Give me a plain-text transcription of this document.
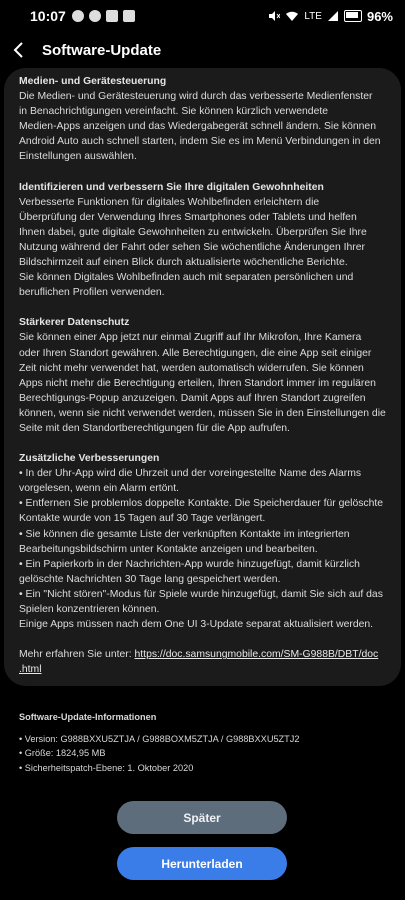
10:07	LTE	96%
Software-Update
Medien- und Gerätesteuerung
Die Medien- und Gerätesteuerung wird durch das verbesserte Medienfenster
in Benachrichtigungen vereinfacht. Sie können kürzlich verwendete
Medien-Apps anzeigen und das Wiedergabegerät schnell ändern. Sie können
Android Auto auch schnell starten, indem Sie es im Menü Verbindungen in den
Einstellungen auswählen.
Identifizieren und verbessern Sie Ihre digitalen Gewohnheiten
Verbesserte Funktionen für digitales Wohlbefinden erleichtern die
Überprüfung der Verwendung Ihres Smartphones oder Tablets und helfen
Ihnen dabei, gute digitale Gewohnheiten zu entwickeln. Überprüfen Sie Ihre
Nutzung während der Fahrt oder sehen Sie wöchentliche Änderungen Ihrer
Bildschirmzeit auf einen Blick durch aktualisierte wöchentliche Berichte.
Sie können Digitales Wohlbefinden auch mit separaten persönlichen und
beruflichen Profilen verwenden.
Stärkerer Datenschutz
Sie können einer App jetzt nur einmal Zugriff auf Ihr Mikrofon, Ihre Kamera
oder Ihren Standort gewähren. Alle Berechtigungen, die eine App seit einiger
Zeit nicht mehr verwendet hat, werden automatisch widerrufen. Sie können
Apps nicht mehr die Berechtigung erteilen, Ihren Standort immer im regulären
Berechtigungs-Popup anzuzeigen. Damit Apps auf Ihren Standort zugreifen
können, wenn sie nicht verwendet werden, müssen Sie in den Einstellungen die
Seite mit den Standortberechtigungen für die App aufrufen.
Zusätzliche Verbesserungen
• In der Uhr-App wird die Uhrzeit und der voreingestellte Name des Alarms
vorgelesen, wenn ein Alarm ertönt.
• Entfernen Sie problemlos doppelte Kontakte. Die Speicherdauer für gelöschte
Kontakte wurde von 15 Tagen auf 30 Tage verlängert.
• Sie können die gesamte Liste der verknüpften Kontakte im integrierten
Bearbeitungsbildschirm unter Kontakte anzeigen und bearbeiten.
• Ein Papierkorb in der Nachrichten-App wurde hinzugefügt, damit kürzlich
gelöschte Nachrichten 30 Tage lang gespeichert werden.
• Ein "Nicht stören"-Modus für Spiele wurde hinzugefügt, damit Sie sich auf das
Spielen konzentrieren können.
Einige Apps müssen nach dem One UI 3-Update separat aktualisiert werden.
Mehr erfahren Sie unter: https://doc.samsungmobile.com/SM-G988B/DBT/doc
.html
Software-Update-Informationen
• Version: G988BXXU5ZTJA / G988BOXM5ZTJA / G988BXXU5ZTJ2
• Größe: 1824,95 MB
• Sicherheitspatch-Ebene: 1. Oktober 2020
Später
Herunterladen
